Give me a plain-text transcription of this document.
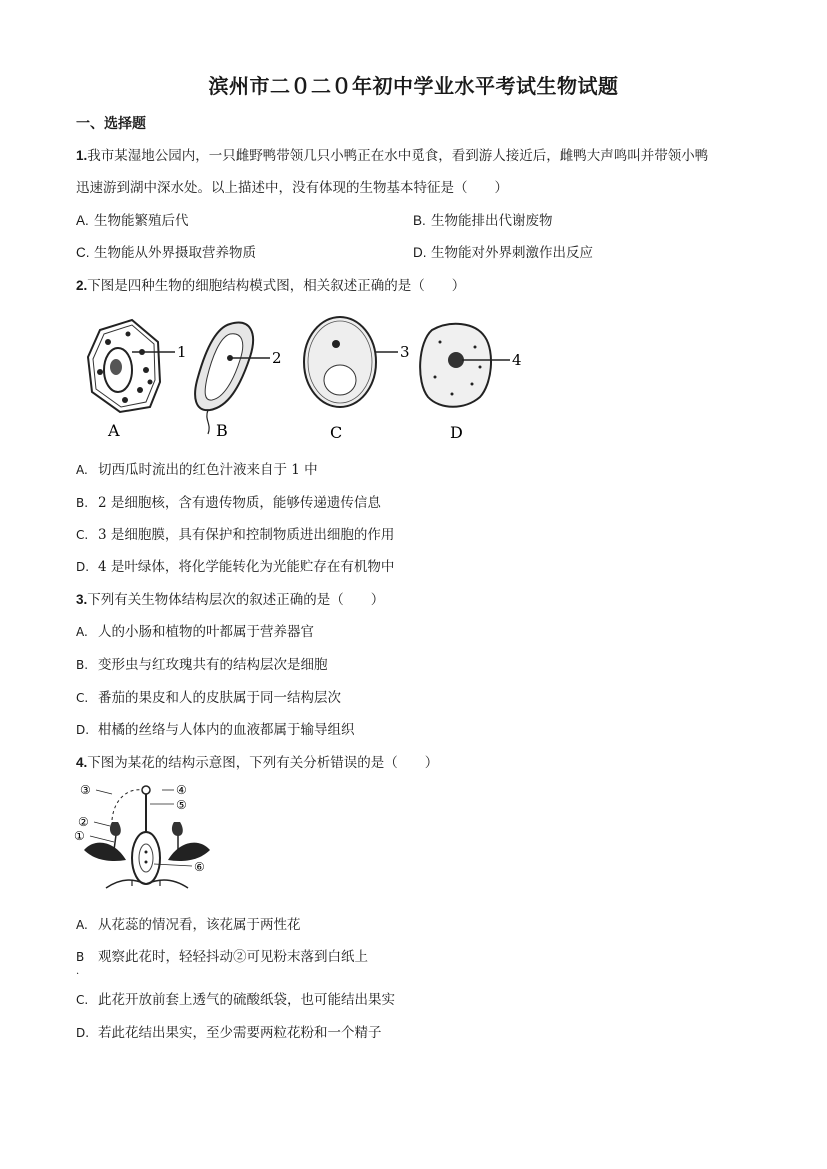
滨州市二０二０年初中学业水平考试生物试题
一、选择题
1.我市某湿地公园内，一只雌野鸭带领几只小鸭正在水中觅食，看到游人接近后，雌鸭大声鸣叫并带领小鸭
迅速游到湖中深水处。以上描述中，没有体现的生物基本特征是（　　）
A. 生物能繁殖后代	B. 生物能排出代谢废物
C. 生物能从外界摄取营养物质	D. 生物能对外界刺激作出反应
2.下图是四种生物的细胞结构模式图，相关叙述正确的是（　　）
1	2	3	4
A	B	C	D
A. 切西瓜时流出的红色汁液来自于 1 中
B. 2 是细胞核，含有遗传物质，能够传递遗传信息
C. 3 是细胞膜，具有保护和控制物质进出细胞的作用
D. 4 是叶绿体，将化学能转化为光能贮存在有机物中
3.下列有关生物体结构层次的叙述正确的是（　　）
A. 人的小肠和植物的叶都属于营养器官
B. 变形虫与红玫瑰共有的结构层次是细胞
C. 番茄的果皮和人的皮肤属于同一结构层次
D. 柑橘的丝络与人体内的血液都属于输导组织
4.下图为某花的结构示意图，下列有关分析错误的是（　　）
③	④
⑤
②
①
⑥
A. 从花蕊的情况看，该花属于两性花
B 观察此花时，轻轻抖动②可见粉末落到白纸上
.
C. 此花开放前套上透气的硫酸纸袋，也可能结出果实
D. 若此花结出果实，至少需要两粒花粉和一个精子
